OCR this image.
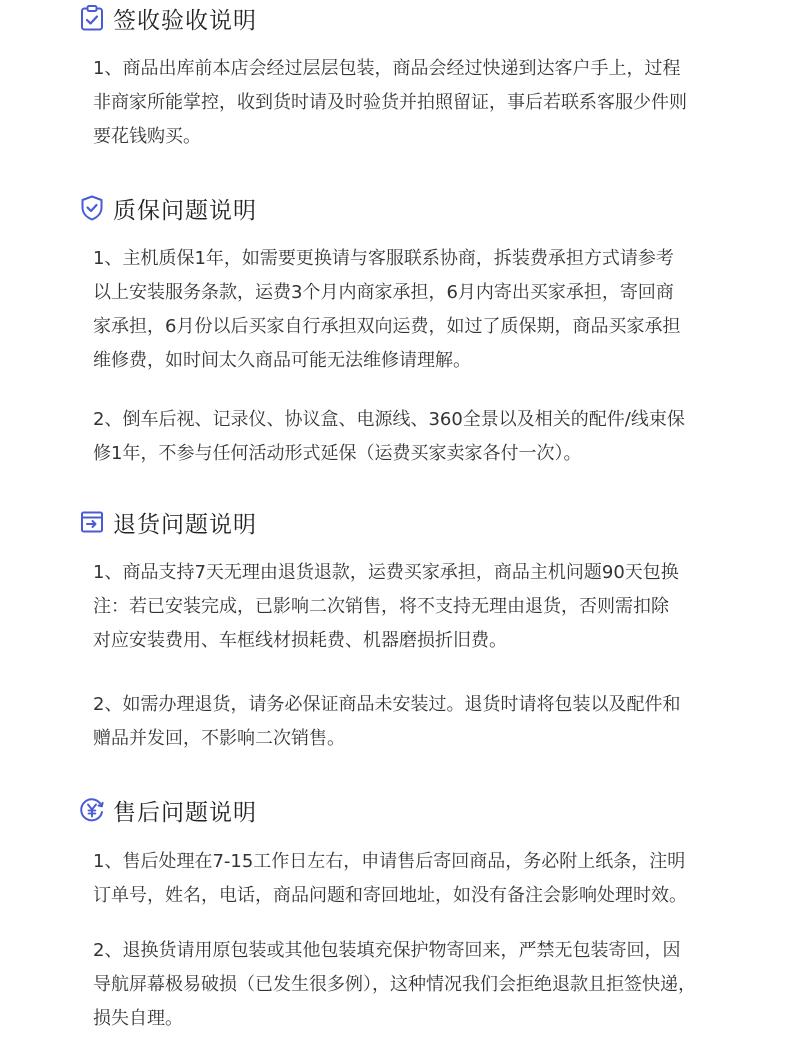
签收验收说明

1、商品出库前本店会经过层层包装，商品会经过快递到达客户手上，过程
非商家所能掌控，收到货时请及时验货并拍照留证，事后若联系客服少件则
要花钱购买。

质保问题说明

1、主机质保1年，如需要更换请与客服联系协商，拆装费承担方式请参考
以上安装服务条款，运费3个月内商家承担，6月内寄出买家承担，寄回商
家承担，6月份以后买家自行承担双向运费，如过了质保期，商品买家承担
维修费，如时间太久商品可能无法维修请理解。

2、倒车后视、记录仪、协议盒、电源线、360全景以及相关的配件/线束保
修1年，不参与任何活动形式延保（运费买家卖家各付一次）。

退货问题说明

1、商品支持7天无理由退货退款，运费买家承担，商品主机问题90天包换
注：若已安装完成，已影响二次销售，将不支持无理由退货，否则需扣除
对应安装费用、车框线材损耗费、机器磨损折旧费。

2、如需办理退货，请务必保证商品未安装过。退货时请将包装以及配件和
赠品并发回，不影响二次销售。

售后问题说明

1、售后处理在7-15工作日左右，申请售后寄回商品，务必附上纸条，注明
订单号，姓名，电话，商品问题和寄回地址，如没有备注会影响处理时效。

2、退换货请用原包装或其他包装填充保护物寄回来，严禁无包装寄回，因
导航屏幕极易破损（已发生很多例），这种情况我们会拒绝退款且拒签快递，
损失自理。
